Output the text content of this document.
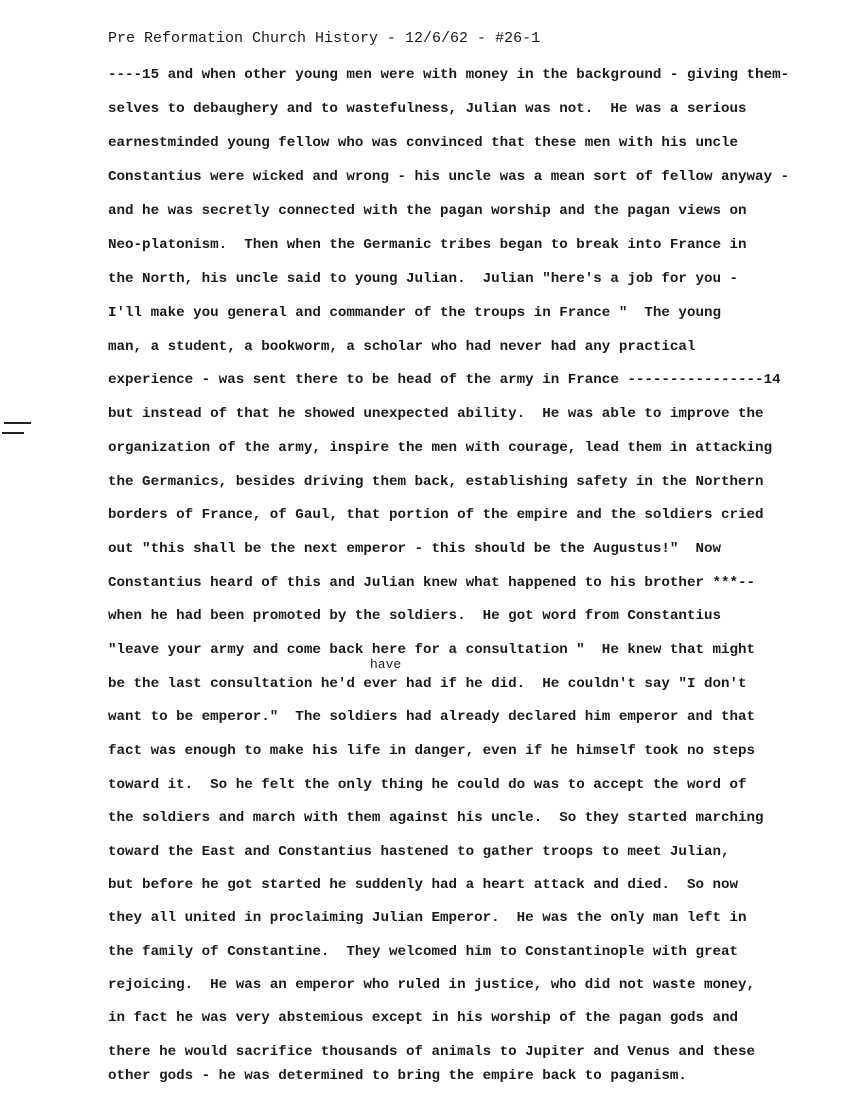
Pre Reformation Church History - 12/6/62 - #26-1
have
----15 and when other young men were with money in the background - giving them-
selves to debaughery and to wastefulness, Julian was not.  He was a serious
earnestminded young fellow who was convinced that these men with his uncle
Constantius were wicked and wrong - his uncle was a mean sort of fellow anyway -
and he was secretly connected with the pagan worship and the pagan views on
Neo-platonism.  Then when the Germanic tribes began to break into France in
the North, his uncle said to young Julian.  Julian "here's a job for you -
I'll make you general and commander of the troups in France "  The young
man, a student, a bookworm, a scholar who had never had any practical
experience - was sent there to be head of the army in France ----------------14
but instead of that he showed unexpected ability.  He was able to improve the
organization of the army, inspire the men with courage, lead them in attacking
the Germanics, besides driving them back, establishing safety in the Northern
borders of France, of Gaul, that portion of the empire and the soldiers cried
out "this shall be the next emperor - this should be the Augustus!"  Now
Constantius heard of this and Julian knew what happened to his brother ***--
when he had been promoted by the soldiers.  He got word from Constantius
"leave your army and come back here for a consultation "  He knew that might
be the last consultation he'd ever had if he did.  He couldn't say "I don't
want to be emperor."  The soldiers had already declared him emperor and that
fact was enough to make his life in danger, even if he himself took no steps
toward it.  So he felt the only thing he could do was to accept the word of
the soldiers and march with them against his uncle.  So they started marching
toward the East and Constantius hastened to gather troops to meet Julian,
but before he got started he suddenly had a heart attack and died.  So now
they all united in proclaiming Julian Emperor.  He was the only man left in
the family of Constantine.  They welcomed him to Constantinople with great
rejoicing.  He was an emperor who ruled in justice, who did not waste money,
in fact he was very abstemious except in his worship of the pagan gods and
there he would sacrifice thousands of animals to Jupiter and Venus and these
other gods - he was determined to bring the empire back to paganism.
